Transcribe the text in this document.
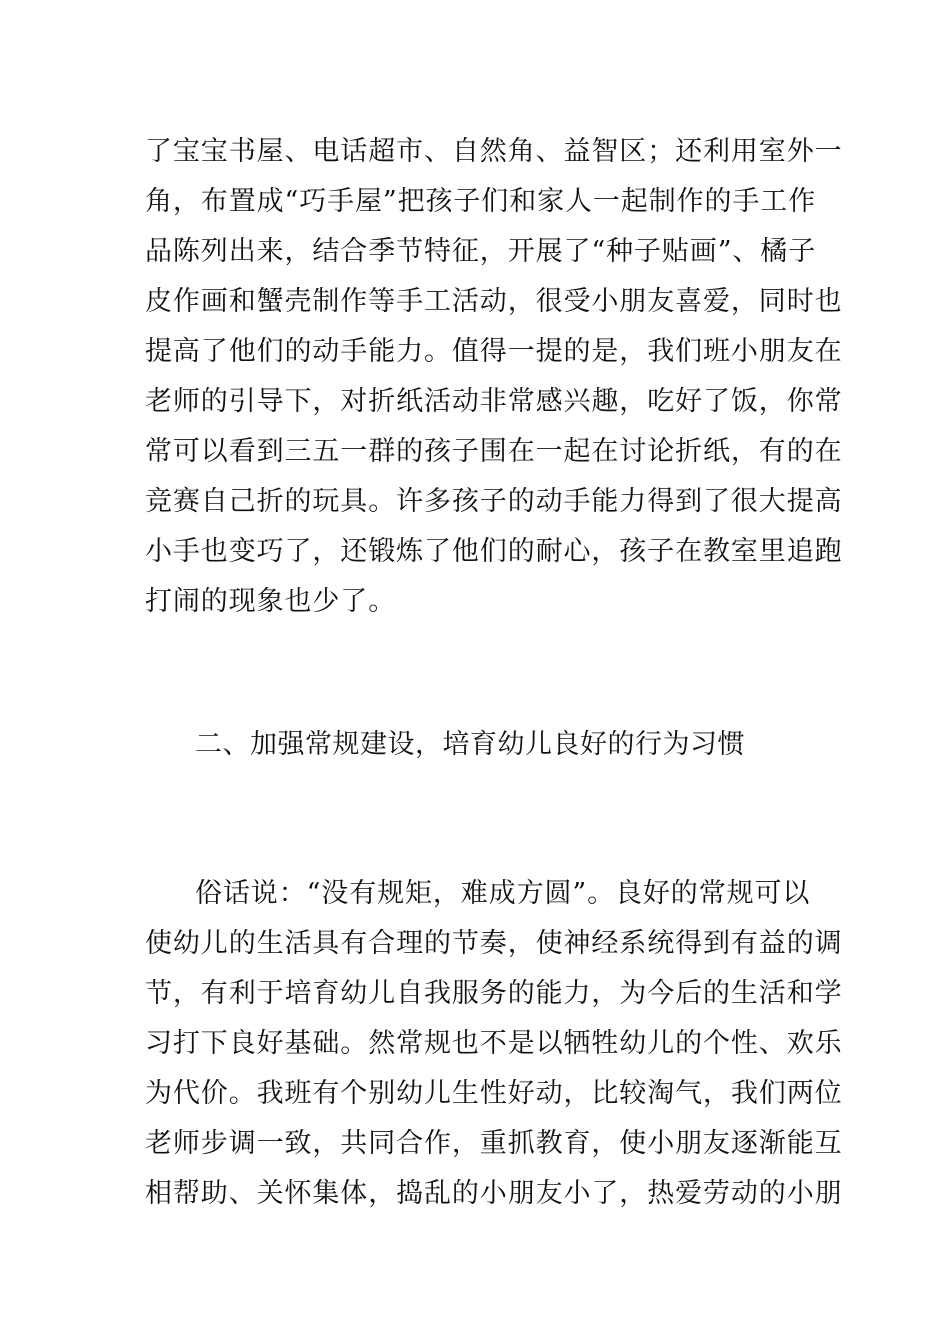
了宝宝书屋、电话超市、自然角、益智区；还利用室外一
角，布置成“巧手屋”把孩子们和家人一起制作的手工作
品陈列出来，结合季节特征，开展了“种子贴画”、橘子
皮作画和蟹壳制作等手工活动，很受小朋友喜爱，同时也
提高了他们的动手能力。值得一提的是，我们班小朋友在
老师的引导下，对折纸活动非常感兴趣，吃好了饭，你常
常可以看到三五一群的孩子围在一起在讨论折纸，有的在
竞赛自己折的玩具。许多孩子的动手能力得到了很大提高
小手也变巧了，还锻炼了他们的耐心，孩子在教室里追跑
打闹的现象也少了。
二、加强常规建设，培育幼儿良好的行为习惯
俗话说：“没有规矩，难成方圆”。良好的常规可以
使幼儿的生活具有合理的节奏，使神经系统得到有益的调
节，有利于培育幼儿自我服务的能力，为今后的生活和学
习打下良好基础。然常规也不是以牺牲幼儿的个性、欢乐
为代价。我班有个别幼儿生性好动，比较淘气，我们两位
老师步调一致，共同合作，重抓教育，使小朋友逐渐能互
相帮助、关怀集体，捣乱的小朋友小了，热爱劳动的小朋
